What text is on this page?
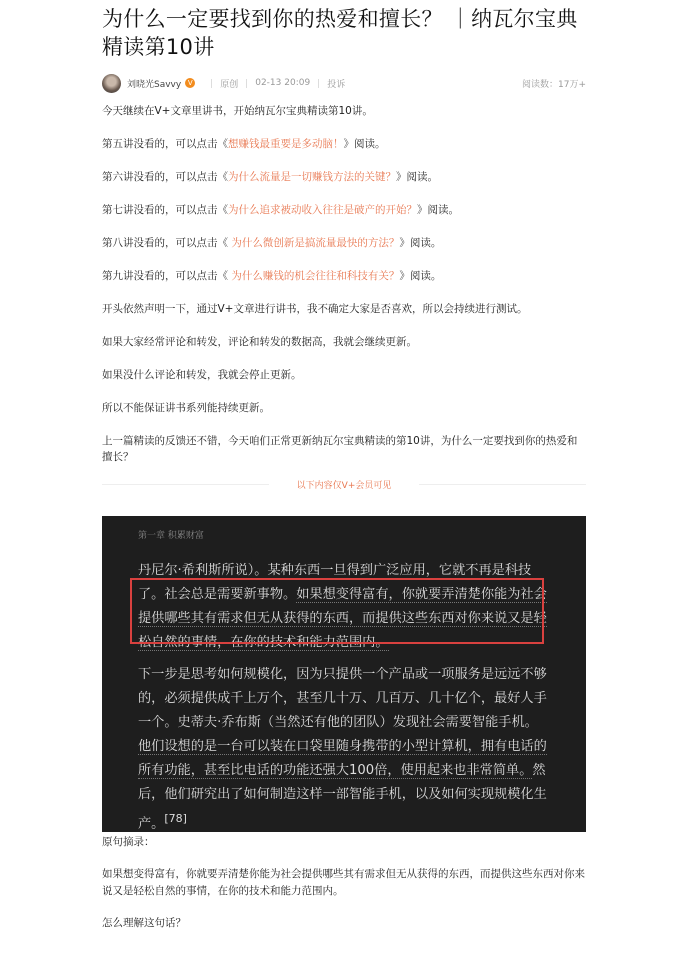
为什么一定要找到你的热爱和擅长？ ｜纳瓦尔宝典精读第10讲
刘晓光Savvy V	原创 02-13 20:09 投诉	阅读数：17万+

今天继续在V+文章里讲书，开始纳瓦尔宝典精读第10讲。

第五讲没看的，可以点击《想赚钱最重要是多动脑！》阅读。

第六讲没看的，可以点击《为什么流量是一切赚钱方法的关键？》阅读。

第七讲没看的，可以点击《为什么追求被动收入往往是破产的开始？》阅读。

第八讲没看的，可以点击《 为什么微创新是搞流量最快的方法？》阅读。

第九讲没看的，可以点击《 为什么赚钱的机会往往和科技有关？》阅读。

开头依然声明一下，通过V+文章进行讲书，我不确定大家是否喜欢，所以会持续进行测试。

如果大家经常评论和转发，评论和转发的数据高，我就会继续更新。

如果没什么评论和转发，我就会停止更新。

所以不能保证讲书系列能持续更新。

上一篇精读的反馈还不错，今天咱们正常更新纳瓦尔宝典精读的第10讲，为什么一定要找到你的热爱和擅长？

以下内容仅V+会员可见
第一章 积累财富

丹尼尔·希利斯所说）。某种东西一旦得到广泛应用，它就不再是科技了。社会总是需要新事物。如果想变得富有，你就要弄清楚你能为社会提供哪些其有需求但无从获得的东西，而提供这些东西对你来说又是轻松自然的事情，在你的技术和能力范围内。

下一步是思考如何规模化，因为只提供一个产品或一项服务是远远不够的，必须提供成千上万个，甚至几十万、几百万、几十亿个，最好人手一个。史蒂夫·乔布斯（当然还有他的团队）发现社会需要智能手机。他们设想的是一台可以装在口袋里随身携带的小型计算机，拥有电话的所有功能，甚至比电话的功能还强大100倍，使用起来也非常简单。然后，他们研究出了如何制造这样一部智能手机，以及如何实现规模化生产。[78]

原句摘录：

如果想变得富有，你就要弄清楚你能为社会提供哪些其有需求但无从获得的东西，而提供这些东西对你来说又是轻松自然的事情，在你的技术和能力范围内。

怎么理解这句话？
